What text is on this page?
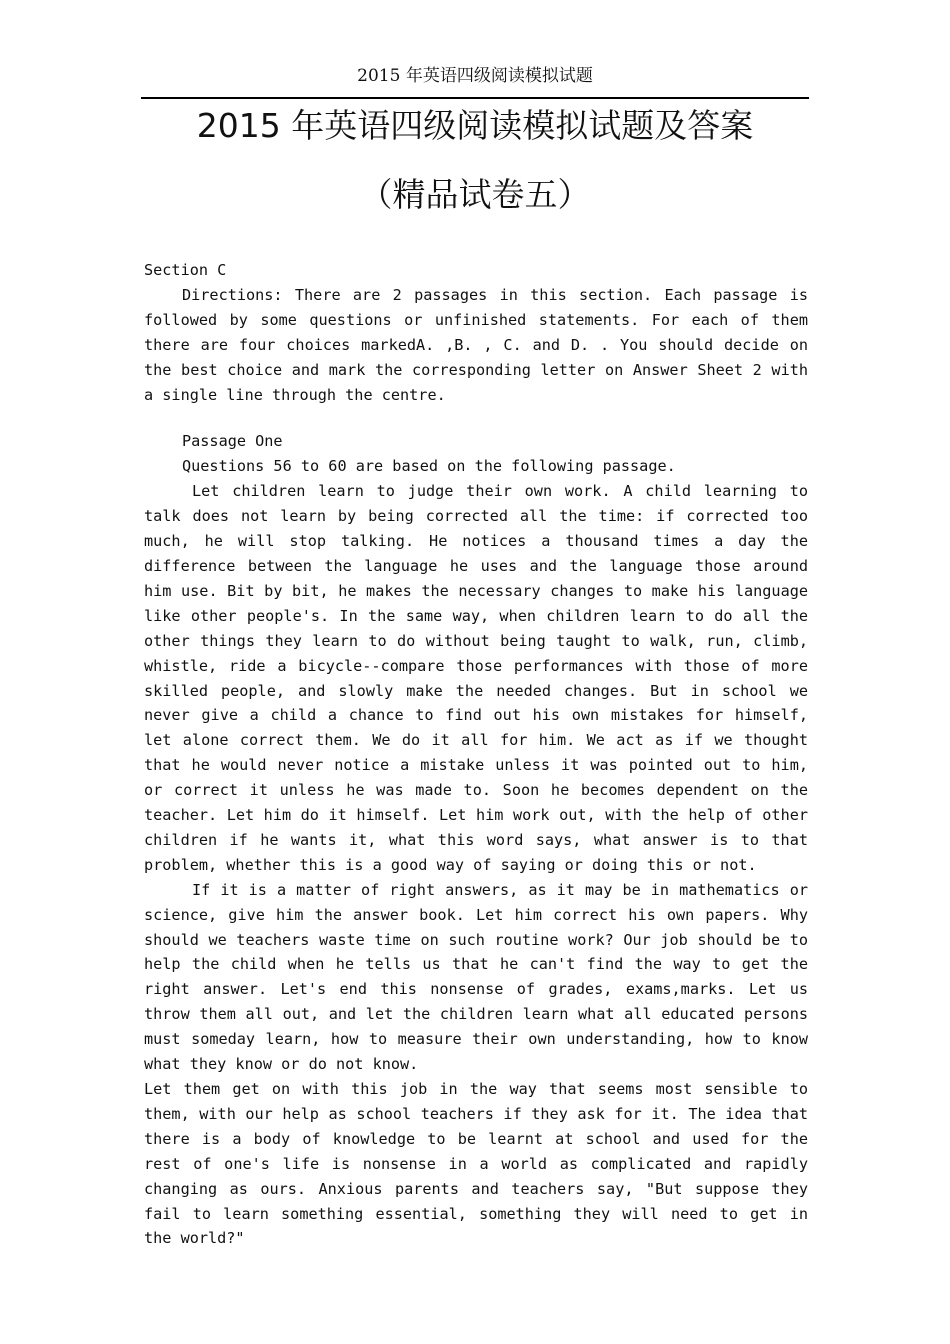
2015 年英语四级阅读模拟试题
2015 年英语四级阅读模拟试题及答案
（精品试卷五）

Section C

Directions: There are 2 passages in this section. Each passage is followed by some questions or unfinished statements. For each of them there are four choices markedA. ,B. , C. and D. . You should decide on the best choice and mark the corresponding letter on Answer Sheet 2 with a single line through the centre.

Passage One

Questions 56 to 60 are based on the following passage.

Let children learn to judge their own work. A child learning to talk does not learn by being corrected all the time: if corrected too much, he will stop talking. He notices a thousand times a day the difference between the language he uses and the language those around him use. Bit by bit, he makes the necessary changes to make his language like other people's. In the same way, when children learn to do all the other things they learn to do without being taught to walk, run, climb, whistle, ride a bicycle--compare those performances with those of more skilled people, and slowly make the needed changes. But in school we never give a child a chance to find out his own mistakes for himself, let alone correct them. We do it all for him. We act as if we thought that he would never notice a mistake unless it was pointed out to him, or correct it unless he was made to. Soon he becomes dependent on the teacher. Let him do it himself. Let him work out, with the help of other children if he wants it, what this word says, what answer is to that problem, whether this is a good way of saying or doing this or not.

If it is a matter of right answers, as it may be in mathematics or science, give him the answer book. Let him correct his own papers. Why should we teachers waste time on such routine work? Our job should be to help the child when he tells us that he can't find the way to get the right answer. Let's end this nonsense of grades, exams,marks. Let us throw them all out, and let the children learn what all educated persons must someday learn, how to measure their own understanding, how to know what they know or do not know.

Let them get on with this job in the way that seems most sensible to them, with our help as school teachers if they ask for it. The idea that there is a body of knowledge to be learnt at school and used for the rest of one's life is nonsense in a world as complicated and rapidly changing as ours. Anxious parents and teachers say, "But suppose they fail to learn something essential, something they will need to get in the world?"
